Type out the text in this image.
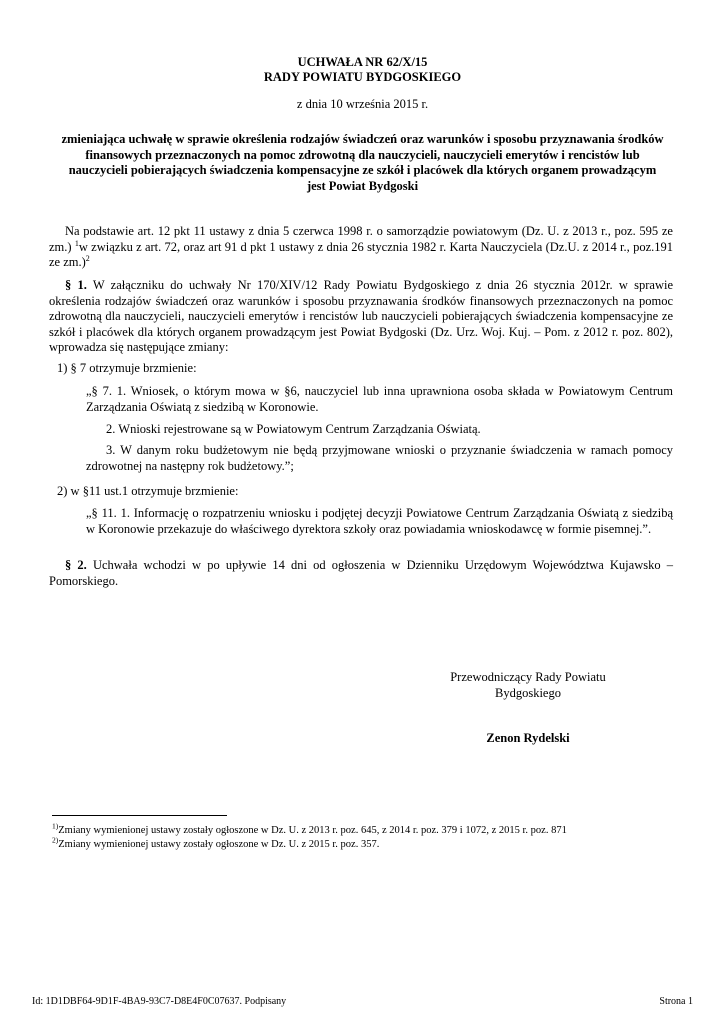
UCHWAŁA NR 62/X/15
RADY POWIATU BYDGOSKIEGO
z dnia 10 września 2015 r.
zmieniająca uchwałę w sprawie określenia rodzajów świadczeń oraz warunków i sposobu przyznawania środków finansowych przeznaczonych na pomoc zdrowotną dla nauczycieli, nauczycieli emerytów i rencistów lub nauczycieli pobierających świadczenia kompensacyjne ze szkół i placówek dla których organem prowadzącym jest Powiat Bydgoski

Na podstawie art. 12 pkt 11 ustawy z dnia 5 czerwca 1998 r. o samorządzie powiatowym (Dz. U. z 2013 r., poz. 595 ze zm.) $^1$w związku z art. 72, oraz art 91 d pkt 1 ustawy z dnia 26 stycznia 1982 r. Karta Nauczyciela (Dz.U. z 2014 r., poz.191 ze zm.)$^2$

§ 1. W załączniku do uchwały Nr 170/XIV/12 Rady Powiatu Bydgoskiego z dnia 26 stycznia 2012r. w sprawie określenia rodzajów świadczeń oraz warunków i sposobu przyznawania środków finansowych przeznaczonych na pomoc zdrowotną dla nauczycieli, nauczycieli emerytów i rencistów lub nauczycieli pobierających świadczenia kompensacyjne ze szkół i placówek dla których organem prowadzącym jest Powiat Bydgoski (Dz. Urz. Woj. Kuj. – Pom. z 2012 r. poz. 802), wprowadza się następujące zmiany:

1) § 7 otrzymuje brzmienie:

„§ 7. 1. Wniosek, o którym mowa w §6, nauczyciel lub inna uprawniona osoba składa w Powiatowym Centrum Zarządzania Oświatą z siedzibą w Koronowie.

2. Wnioski rejestrowane są w Powiatowym Centrum Zarządzania Oświatą.

3. W danym roku budżetowym nie będą przyjmowane wnioski o przyznanie świadczenia w ramach pomocy zdrowotnej na następny rok budżetowy.”;

2) w §11 ust.1 otrzymuje brzmienie:

„§ 11. 1. Informację o rozpatrzeniu wniosku i podjętej decyzji Powiatowe Centrum Zarządzania Oświatą z siedzibą w Koronowie przekazuje do właściwego dyrektora szkoły oraz powiadamia wnioskodawcę w formie pisemnej.”.

§ 2. Uchwała wchodzi w po upływie 14 dni od ogłoszenia w Dzienniku Urzędowym Województwa Kujawsko – Pomorskiego.

Przewodniczący Rady Powiatu
Bydgoskiego
Zenon Rydelski
$^{1)}$Zmiany wymienionej ustawy zostały ogłoszone w Dz. U. z 2013 r. poz. 645, z 2014 r. poz. 379 i 1072, z 2015 r. poz. 871
$^{2)}$Zmiany wymienionej ustawy zostały ogłoszone w Dz. U. z 2015 r. poz. 357.
Id: 1D1DBF64-9D1F-4BA9-93C7-D8E4F0C07637. Podpisany	Strona 1
